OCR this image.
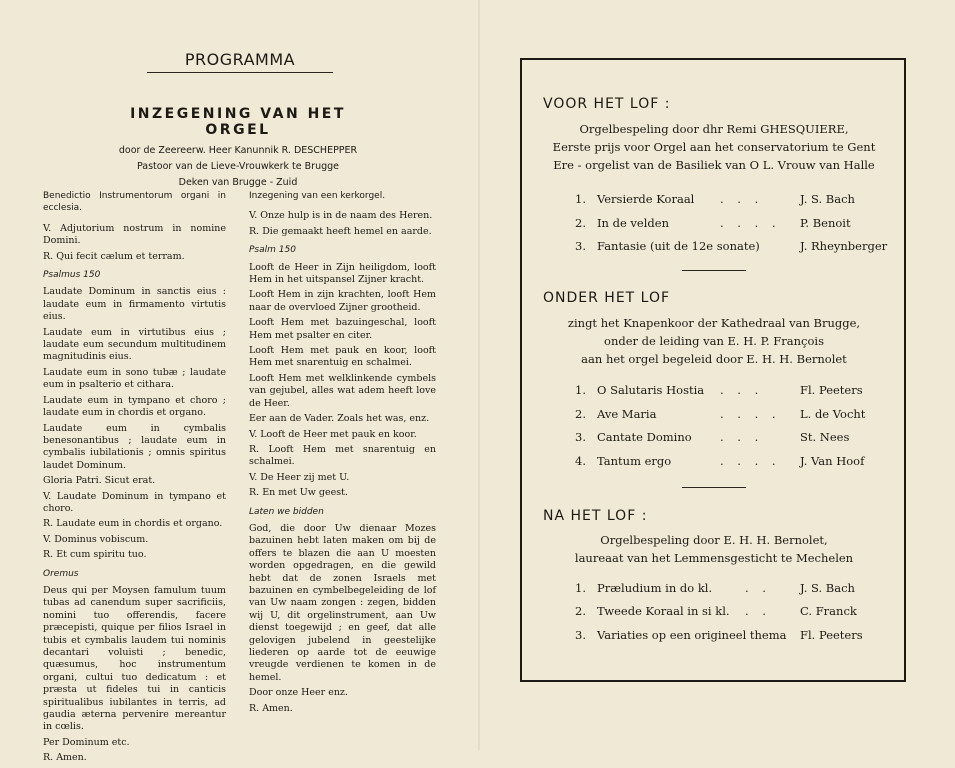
PROGRAMMA
INZEGENING VAN HET ORGEL
door de Zeereerw. Heer Kanunnik R. DESCHEPPER
Pastoor van de Lieve-Vrouwkerk te Brugge
Deken van Brugge - Zuid

Benedictio Instrumentorum organi in ecclesia.

V. Adjutorium nostrum in nomine Domini.

R. Qui fecit cælum et terram.

Psalmus 150

Laudate Dominum in sanctis eius : laudate eum in firmamento virtutis eius.

Laudate eum in virtutibus eius ; laudate eum secundum multitudinem magnitudinis eius.

Laudate eum in sono tubæ ; laudate eum in psalterio et cithara.

Laudate eum in tympano et choro ; laudate eum in chordis et organo.

Laudate eum in cymbalis benesonantibus ; laudate eum in cymbalis iubilationis ; omnis spiritus laudet Dominum.

Gloria Patri. Sicut erat.

V. Laudate Dominum in tympano et choro.

R. Laudate eum in chordis et organo.

V. Dominus vobiscum.

R. Et cum spiritu tuo.

Oremus

Deus qui per Moysen famulum tuum tubas ad canendum super sacrificiis, nomini tuo offerendis, facere præcepisti, quique per filios Israel in tubis et cymbalis laudem tui nominis decantari voluisti ; benedic, quæsumus, hoc instrumentum organi, cultui tuo dedicatum : et præsta ut fideles tui in canticis spiritualibus iubilantes in terris, ad gaudia æterna pervenire mereantur in cœlis.

Per Dominum etc.

R. Amen.

Inzegening van een kerkorgel.

V. Onze hulp is in de naam des Heren.

R. Die gemaakt heeft hemel en aarde.

Psalm 150

Looft de Heer in Zijn heiligdom, looft Hem in het uitspansel Zijner kracht.

Looft Hem in zijn krachten, looft Hem naar de overvloed Zijner grootheid.

Looft Hem met bazuingeschal, looft Hem met psalter en citer.

Looft Hem met pauk en koor, looft Hem met snarentuig en schalmei.

Looft Hem met welklinkende cymbels van gejubel, alles wat adem heeft love de Heer.

Eer aan de Vader. Zoals het was, enz.

V. Looft de Heer met pauk en koor.

R. Looft Hem met snarentuig en schalmei.

V. De Heer zij met U.

R. En met Uw geest.

Laten we bidden

God, die door Uw dienaar Mozes bazuinen hebt laten maken om bij de offers te blazen die aan U moesten worden opgedragen, en die gewild hebt dat de zonen Israels met bazuinen en cymbelbegeleiding de lof van Uw naam zongen : zegen, bidden wij U, dit orgelinstrument, aan Uw dienst toegewijd ; en geef, dat alle gelovigen jubelend in geestelijke liederen op aarde tot de eeuwige vreugde verdienen te komen in de hemel.

Door onze Heer enz.

R. Amen.

VOOR HET LOF :
Orgelbespeling door dhr Remi GHESQUIERE,
Eerste prijs voor Orgel aan het conservatorium te Gent
Ere - orgelist van de Basiliek van O L. Vrouw van Halle
1. Versierde Koraal . . .	J. S. Bach
2. In de velden	. . . .	P. Benoit
3. Fantasie (uit de 12e sonate)	J. Rheynberger
ONDER HET LOF
zingt het Knapenkoor der Kathedraal van Brugge,
onder de leiding van E. H. P. François
aan het orgel begeleid door E. H. H. Bernolet
1. O Salutaris Hostia . . .	Fl. Peeters
2. Ave Maria	. . . .	L. de Vocht
3. Cantate Domino . . .	St. Nees
4. Tantum ergo	. . . .	J. Van Hoof
NA HET LOF :
Orgelbespeling door E. H. H. Bernolet,
laureaat van het Lemmensgesticht te Mechelen
1. Præludium in do kl.	. .	J. S. Bach
2. Tweede Koraal in si kl. . .	C. Franck
3. Variaties op een origineel thema Fl. Peeters
